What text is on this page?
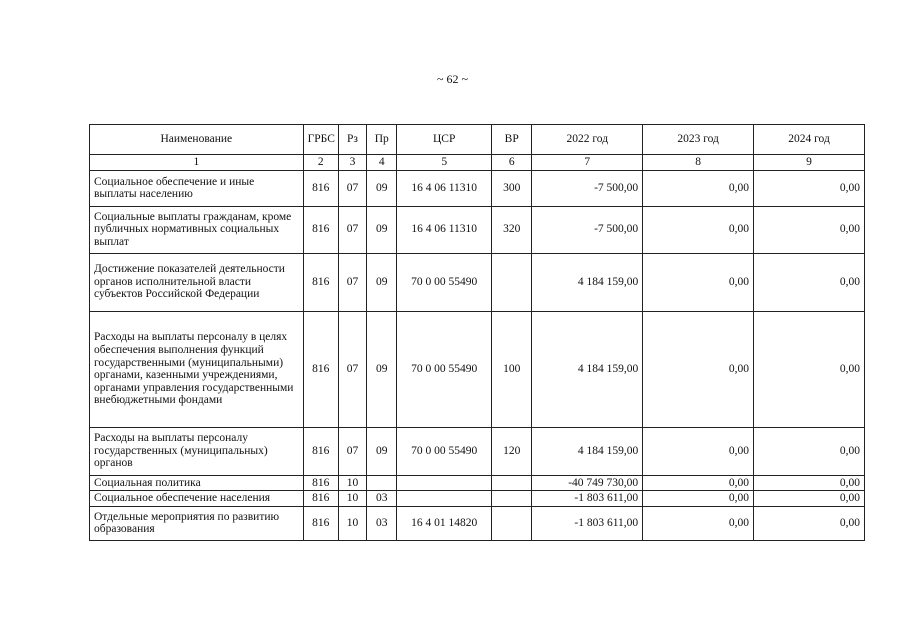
~ 62 ~
Наименование	ГРБС	Рз	Пр	ЦСР	ВР	2022 год	2023 год	2024 год
1	2	3	4	5	6	7	8	9
Социальное обеспечение и иные выплаты населению	816	07	09	16 4 06 11310	300	-7 500,00	0,00	0,00
Социальные выплаты гражданам, кроме публичных нормативных социальных выплат	816	07	09	16 4 06 11310	320	-7 500,00	0,00	0,00
Достижение показателей деятельности органов исполнительной власти субъектов Российской Федерации	816	07	09	70 0 00 55490		4 184 159,00	0,00	0,00
Расходы на выплаты персоналу в целях обеспечения выполнения функций государственными (муниципальными) органами, казенными учреждениями, органами управления государственными внебюджетными фондами	816	07	09	70 0 00 55490	100	4 184 159,00	0,00	0,00
Расходы на выплаты персоналу государственных (муниципальных) органов	816	07	09	70 0 00 55490	120	4 184 159,00	0,00	0,00
Социальная политика	816	10				-40 749 730,00	0,00	0,00
Социальное обеспечение населения	816	10	03			-1 803 611,00	0,00	0,00
Отдельные мероприятия по развитию образования	816	10	03	16 4 01 14820		-1 803 611,00	0,00	0,00
